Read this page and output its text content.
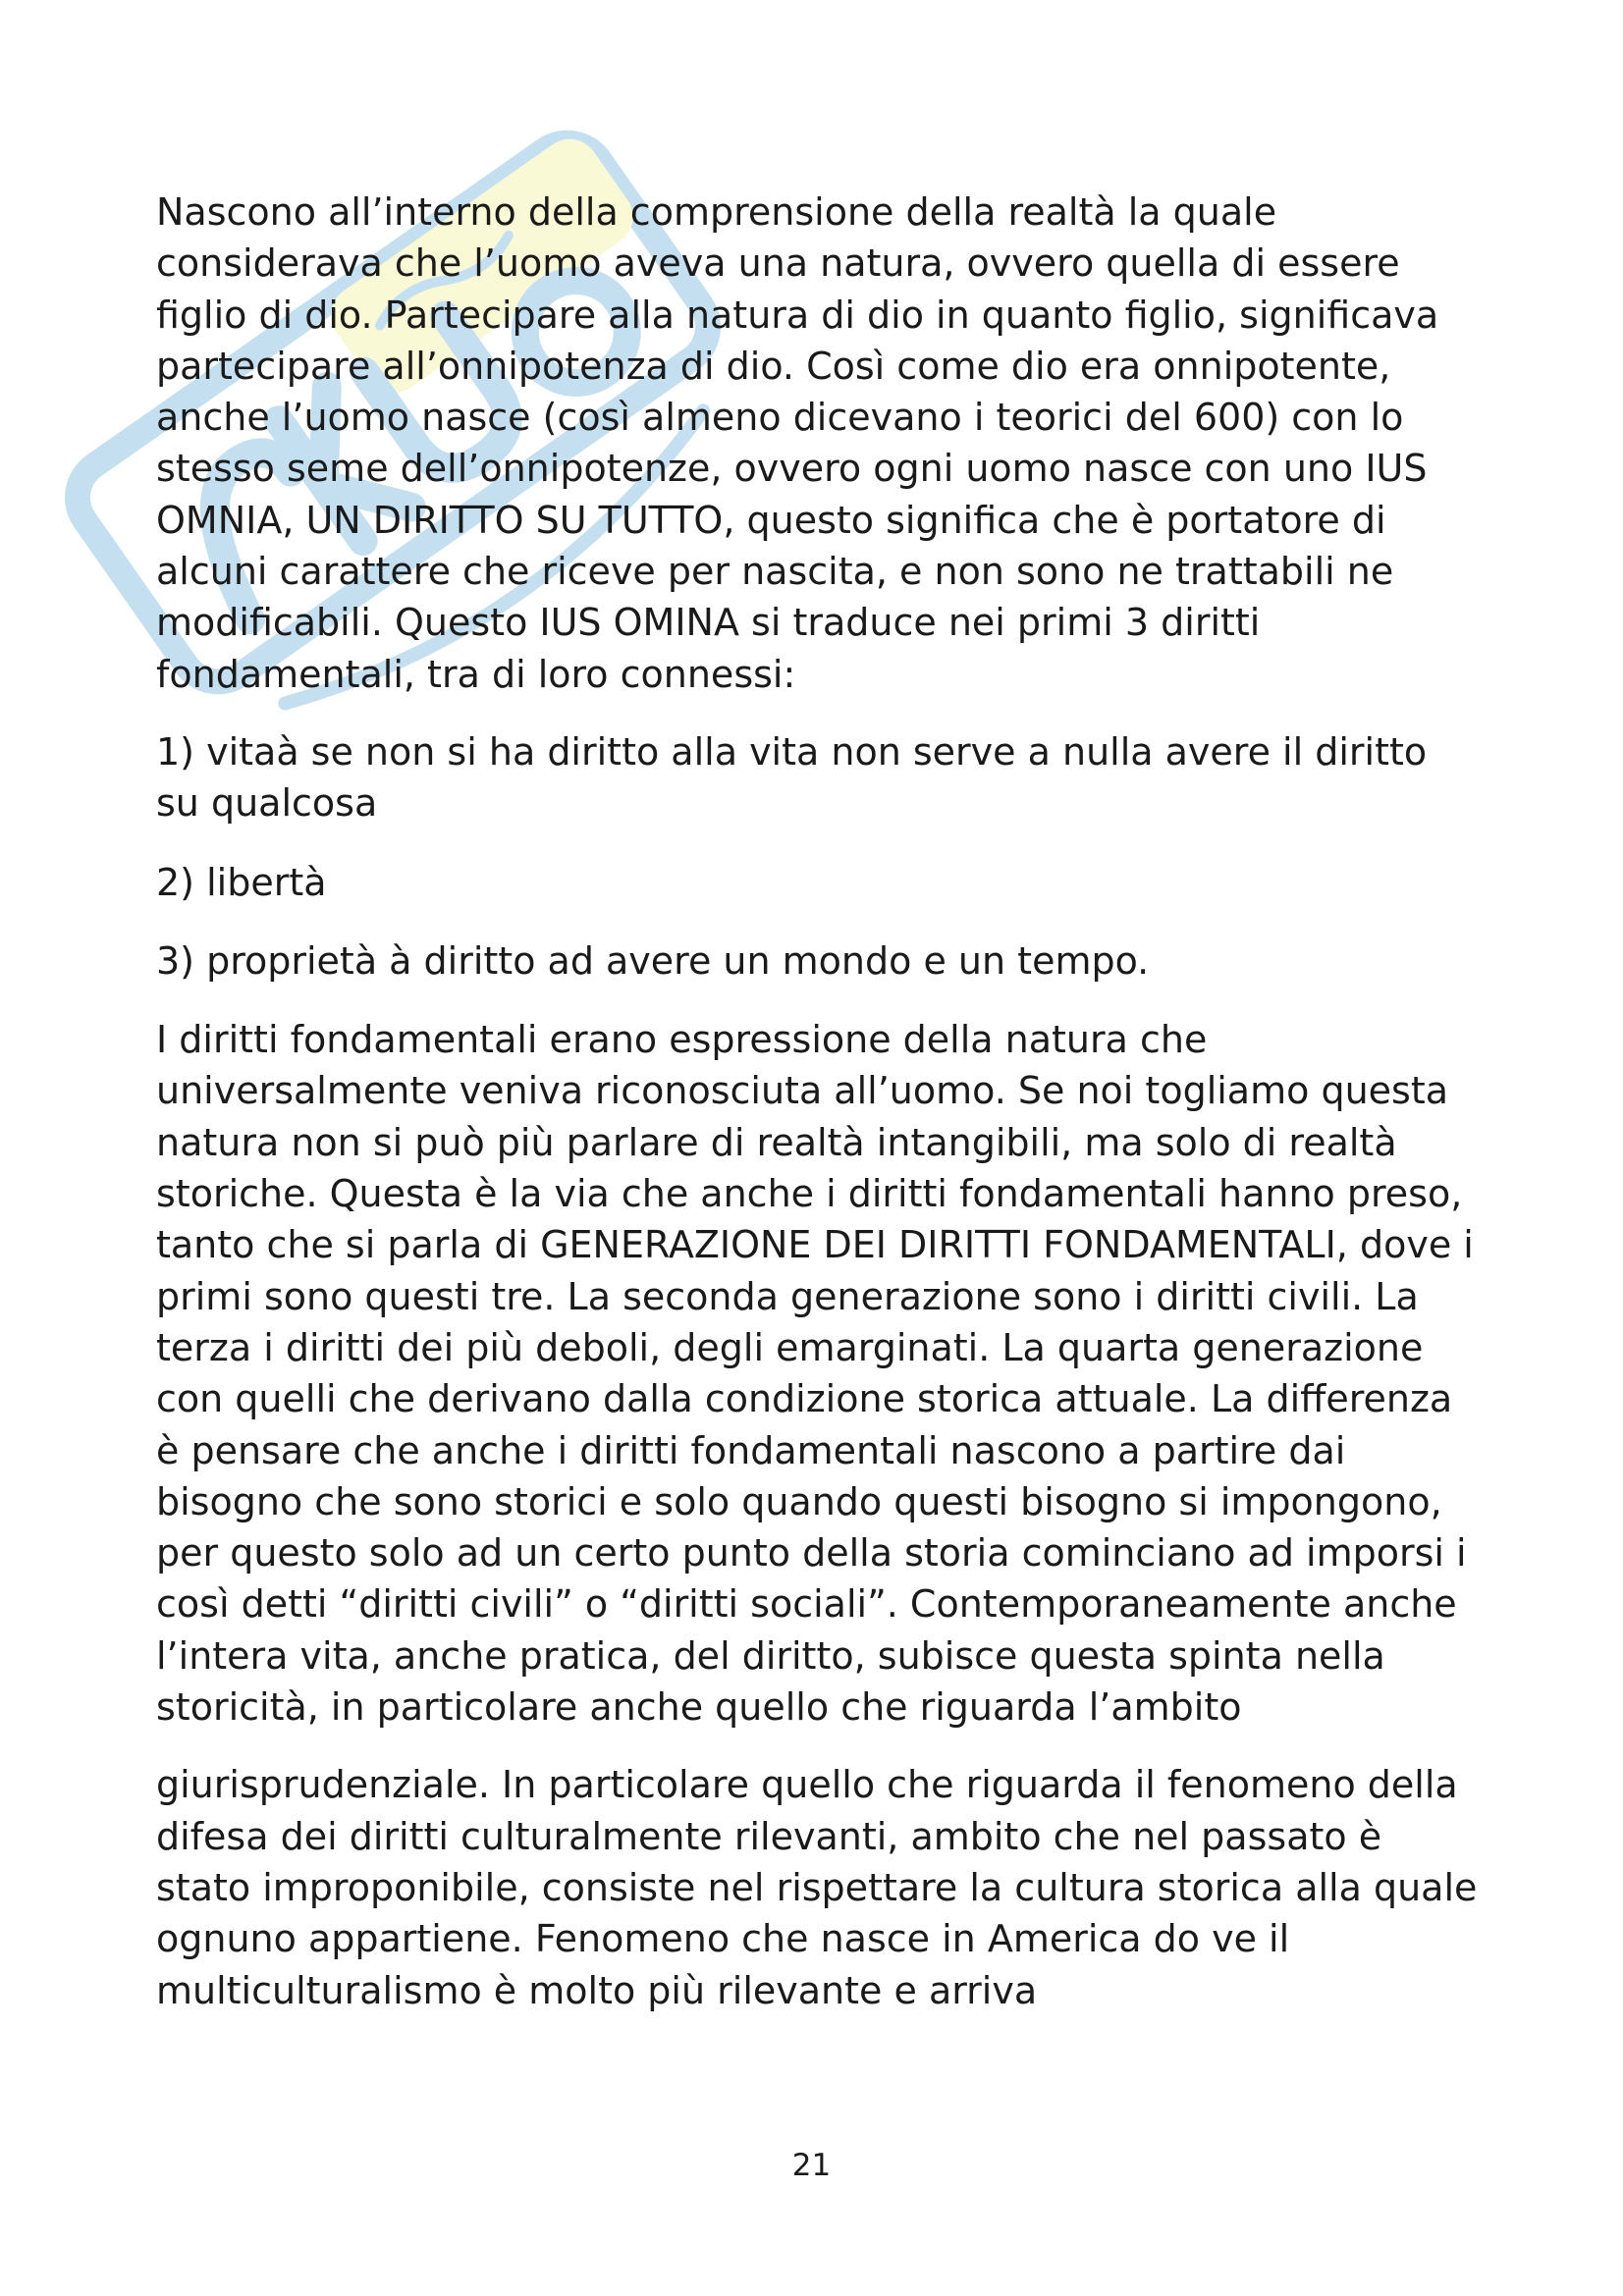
Nascono all’interno della comprensione della realtà la quale considerava che l’uomo aveva una natura, ovvero quella di essere figlio di dio. Partecipare alla natura di dio in quanto figlio, significava partecipare all’onnipotenza di dio. Così come dio era onnipotente, anche l’uomo nasce (così almeno dicevano i teorici del 600) con lo stesso seme dell’onnipotenze, ovvero ogni uomo nasce con uno IUS OMNIA, UN DIRITTO SU TUTTO, questo significa che è portatore di alcuni carattere che riceve per nascita, e non sono ne trattabili ne modificabili. Questo IUS OMINA si traduce nei primi 3 diritti fondamentali, tra di loro connessi:

1) vitaà se non si ha diritto alla vita non serve a nulla avere il diritto su qualcosa

2) libertà

3) proprietà à diritto ad avere un mondo e un tempo.

I diritti fondamentali erano espressione della natura che universalmente veniva riconosciuta all’uomo. Se noi togliamo questa natura non si può più parlare di realtà intangibili, ma solo di realtà storiche. Questa è la via che anche i diritti fondamentali hanno preso, tanto che si parla di GENERAZIONE DEI DIRITTI FONDAMENTALI, dove i primi sono questi tre. La seconda generazione sono i diritti civili. La terza i diritti dei più deboli, degli emarginati. La quarta generazione con quelli che derivano dalla condizione storica attuale. La differenza è pensare che anche i diritti fondamentali nascono a partire dai bisogno che sono storici e solo quando questi bisogno si impongono, per questo solo ad un certo punto della storia cominciano ad imporsi i così detti “diritti civili” o “diritti sociali”. Contemporaneamente anche l’intera vita, anche pratica, del diritto, subisce questa spinta nella storicità, in particolare anche quello che riguarda l’ambito

giurisprudenziale. In particolare quello che riguarda il fenomeno della difesa dei diritti culturalmente rilevanti, ambito che nel passato è stato improponibile, consiste nel rispettare la cultura storica alla quale ognuno appartiene. Fenomeno che nasce in America do ve il multiculturalismo è molto più rilevante e arriva

21
